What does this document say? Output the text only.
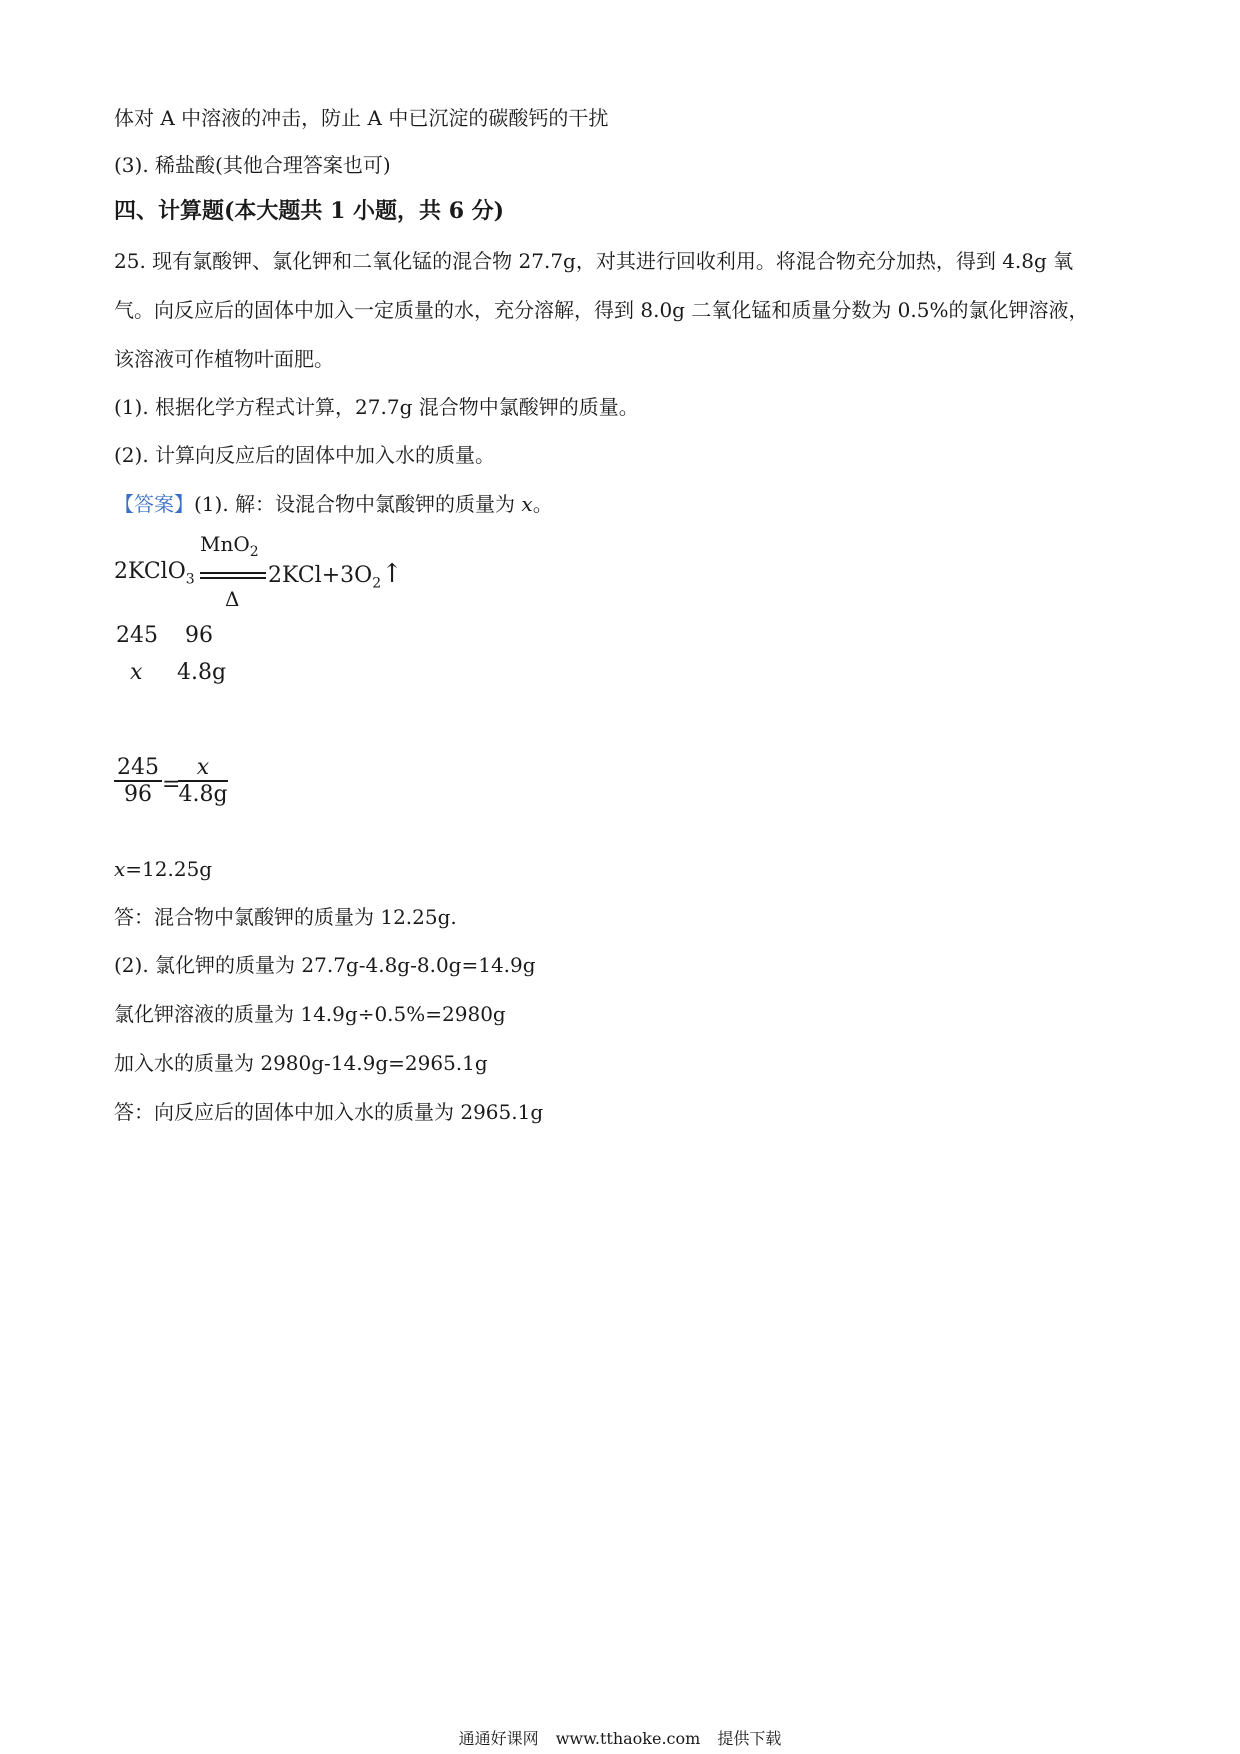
体对 A 中溶液的冲击，防止 A 中已沉淀的碳酸钙的干扰
(3). 稀盐酸(其他合理答案也可)
四、计算题(本大题共 1 小题，共 6 分)
25. 现有氯酸钾、氯化钾和二氧化锰的混合物 27.7g，对其进行回收利用。将混合物充分加热，得到 4.8g 氧
气。向反应后的固体中加入一定质量的水，充分溶解，得到 8.0g 二氧化锰和质量分数为 0.5%的氯化钾溶液，
该溶液可作植物叶面肥。
(1). 根据化学方程式计算，27.7g 混合物中氯酸钾的质量。
(2). 计算向反应后的固体中加入水的质量。
【答案】(1). 解：设混合物中氯酸钾的质量为 x。
2KClO$_3$
MnO$_2$
Δ
$2KCl+3O_2↑$
245 96
x 4.8g
$\frac{245}{96}$ =
$\frac{x}{4.8g}$
x=12.25g
答：混合物中氯酸钾的质量为 12.25g.
(2). 氯化钾的质量为 27.7g-4.8g-8.0g=14.9g
氯化钾溶液的质量为 14.9g÷0.5%=2980g
加入水的质量为 2980g-14.9g=2965.1g
答：向反应后的固体中加入水的质量为 2965.1g
通通好课网 www.tthaoke.com 提供下载
